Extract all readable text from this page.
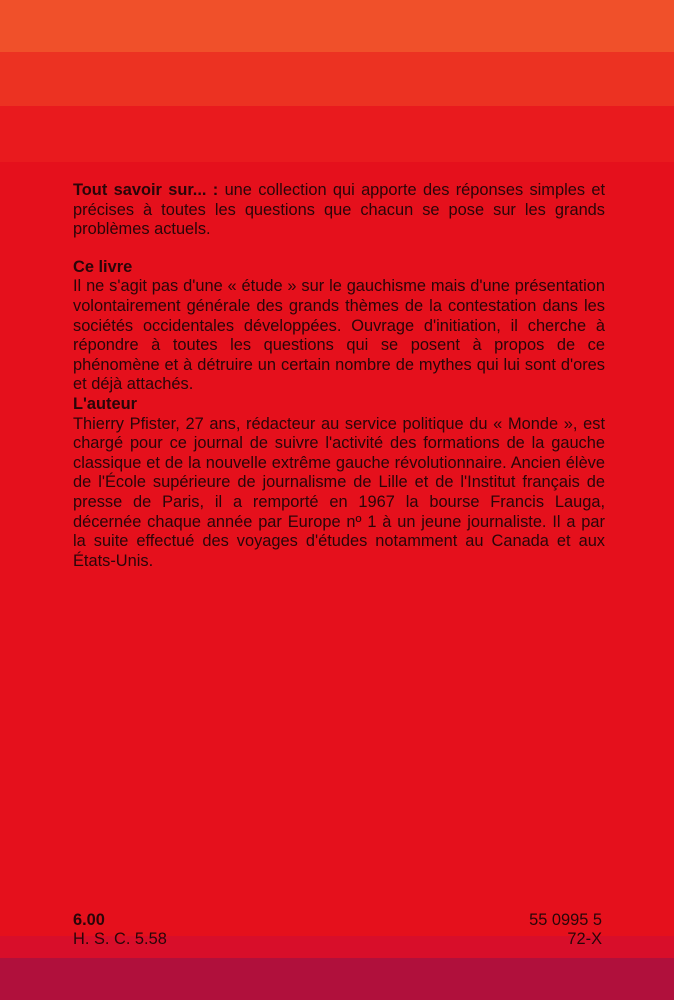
Tout savoir sur... : une collection qui apporte des réponses simples et précises à toutes les questions que chacun se pose sur les grands problèmes actuels.

Ce livre

Il ne s'agit pas d'une « étude » sur le gauchisme mais d'une présentation volontairement générale des grands thèmes de la contestation dans les sociétés occidentales développées. Ouvrage d'initiation, il cherche à répondre à toutes les questions qui se posent à propos de ce phénomène et à détruire un certain nombre de mythes qui lui sont d'ores et déjà attachés.

L'auteur

Thierry Pfister, 27 ans, rédacteur au service politique du « Monde », est chargé pour ce journal de suivre l'activité des formations de la gauche classique et de la nouvelle extrême gauche révolutionnaire. Ancien élève de l'École supérieure de journalisme de Lille et de l'Institut français de presse de Paris, il a remporté en 1967 la bourse Francis Lauga, décernée chaque année par Europe nº 1 à un jeune journaliste. Il a par la suite effectué des voyages d'études notamment au Canada et aux États-Unis.

6.00
H. S. C. 5.58
55 0995 5
72-X
